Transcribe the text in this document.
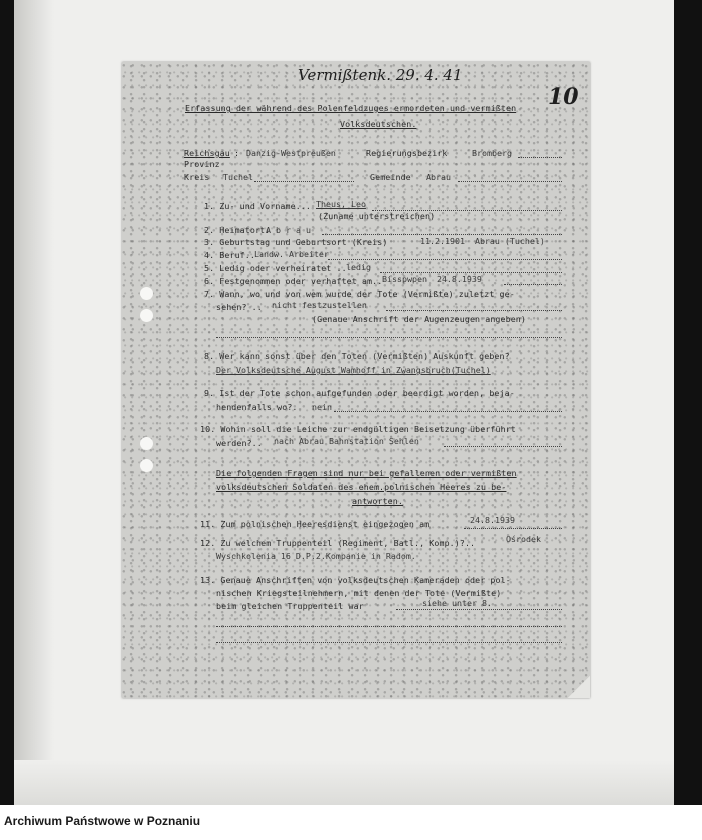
Vermißtenk. 29. 4. 41
10
Erfassung der während des Polenfeldzuges ermordeten und vermißten
Volksdeutschen.
Reichsgau : Danzig-Westpreußen	Regierungsbezirk	Bromberg
Provinz
Kreis Tuchel	Gemeinde Abrau
1. Zu- und Vorname... Theus, Leo
(Zuname unterstreichen)
2. Heimatort.
A b r a u
3. Geburtstag und Geburtsort (Kreis)	11.2.1901  Abrau (Tuchel)
4. Beruf.. Landw. Arbeiter
5. Ledig oder verheiratet .. ledig
6. Festgenommen oder verhaftet am.. Bisspwpen  24.8.1939
7. Wann, wo und von wem wurde der Tote (Vermißte) zuletzt ge-
sehen? .. nicht festzustellen
(Genaue Anschrift der Augenzeugen angeben)
8. Wer kann sonst über den Toten (Vermißten) Auskunft geben?
Der Volksdeutsche August Wamhoff in Zwangsbruch(Tuchel)
9. Ist der Tote schon aufgefunden oder beerdigt worden, beja-
hendenfalls wo?. nein
10. Wohin soll die Leiche zur endgültigen Beisetzung überführt
werden?.. nach Abrau Bahnstation Sehlen
Die folgenden Fragen sind nur bei gefallenen oder vermißten
volksdeutschen Soldaten des ehem.polnischen Heeres zu be-
antworten.
11. Zum polnischen Heeresdienst eingezogen am	24.8.1939
12. Zu welchem Truppenteil (Regiment, Batl., Komp.)?..	Ośrodek
Wyschkolenia 16 D.P.2.Kompanie in Radom.
13. Genaue Anschriften von volksdeutschen Kameraden oder pol-
nischen Kriegsteilnehmern, mit denen der Tote (Vermißte)
beim gleichen Truppenteil war	siehe unter 8.
Archiwum Państwowe w Poznaniu
